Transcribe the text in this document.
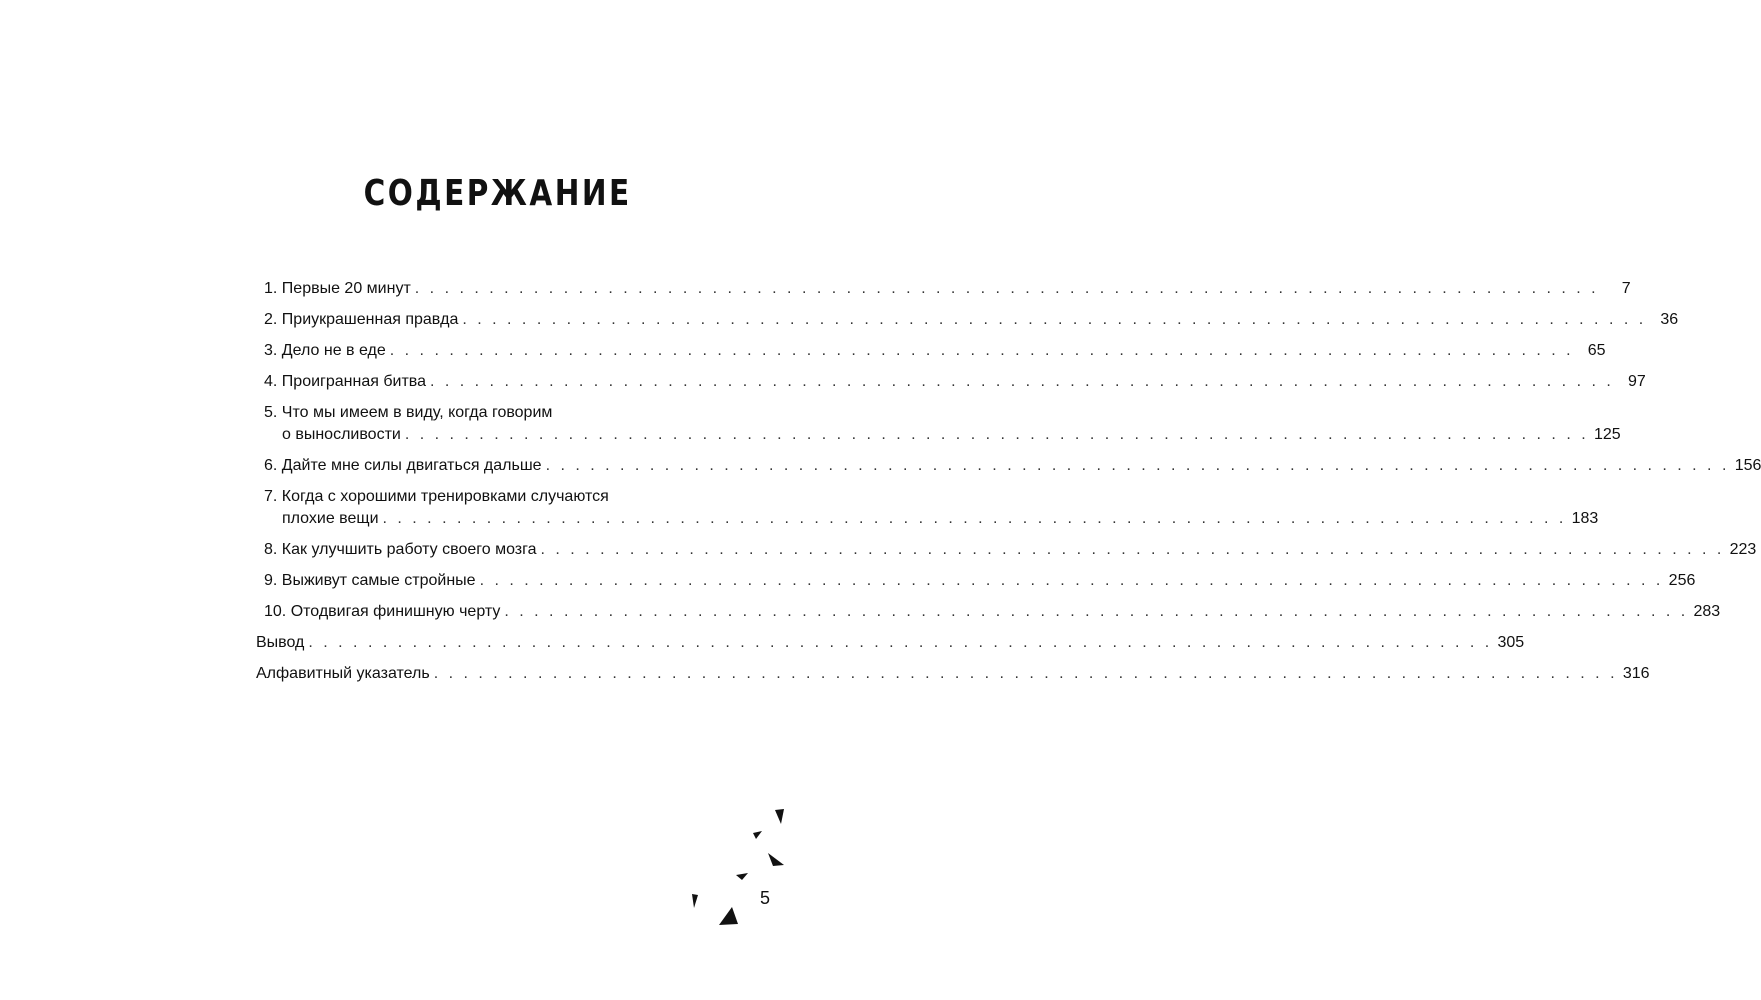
СОДЕРЖАНИЕ
1. Первые 20 минут . . . . . . . . . . . . . . . . . . . . . . . . . . . . . . . . . . . . . . . . . . . . . . . . . . . . . . . . . . . . . . . . . . . . . . . . . . . . . . . .	7
2. Приукрашенная правда . . . . . . . . . . . . . . . . . . . . . . . . . . . . . . . . . . . . . . . . . . . . . . . . . . . . . . . . . . . . . . . . . . . . . . . . . . . . . . . . 36
3. Дело не в еде . . . . . . . . . . . . . . . . . . . . . . . . . . . . . . . . . . . . . . . . . . . . . . . . . . . . . . . . . . . . . . . . . . . . . . . . . . . . . . . . 65
4. Проигранная битва . . . . . . . . . . . . . . . . . . . . . . . . . . . . . . . . . . . . . . . . . . . . . . . . . . . . . . . . . . . . . . . . . . . . . . . . . . . . . . . . 97
5. Что мы имеем в виду, когда говорим
о выносливости . . . . . . . . . . . . . . . . . . . . . . . . . . . . . . . . . . . . . . . . . . . . . . . . . . . . . . . . . . . . . . . . . . . . . . . . . . . . . . . . 125
6. Дайте мне силы двигаться дальше . . . . . . . . . . . . . . . . . . . . . . . . . . . . . . . . . . . . . . . . . . . . . . . . . . . . . . . . . . . . . . . . . . . . . . . . . . . . . . . . 156
7. Когда с хорошими тренировками случаются
плохие вещи . . . . . . . . . . . . . . . . . . . . . . . . . . . . . . . . . . . . . . . . . . . . . . . . . . . . . . . . . . . . . . . . . . . . . . . . . . . . . . . . 183
8. Как улучшить работу своего мозга . . . . . . . . . . . . . . . . . . . . . . . . . . . . . . . . . . . . . . . . . . . . . . . . . . . . . . . . . . . . . . . . . . . . . . . . . . . . . . . . 223
9. Выживут самые стройные . . . . . . . . . . . . . . . . . . . . . . . . . . . . . . . . . . . . . . . . . . . . . . . . . . . . . . . . . . . . . . . . . . . . . . . . . . . . . . . . 256
10. Отодвигая финишную черту . . . . . . . . . . . . . . . . . . . . . . . . . . . . . . . . . . . . . . . . . . . . . . . . . . . . . . . . . . . . . . . . . . . . . . . . . . . . . . . . 283
Вывод . . . . . . . . . . . . . . . . . . . . . . . . . . . . . . . . . . . . . . . . . . . . . . . . . . . . . . . . . . . . . . . . . . . . . . . . . . . . . . . . 305
Алфавитный указатель . . . . . . . . . . . . . . . . . . . . . . . . . . . . . . . . . . . . . . . . . . . . . . . . . . . . . . . . . . . . . . . . . . . . . . . . . . . . . . . . 316
5
